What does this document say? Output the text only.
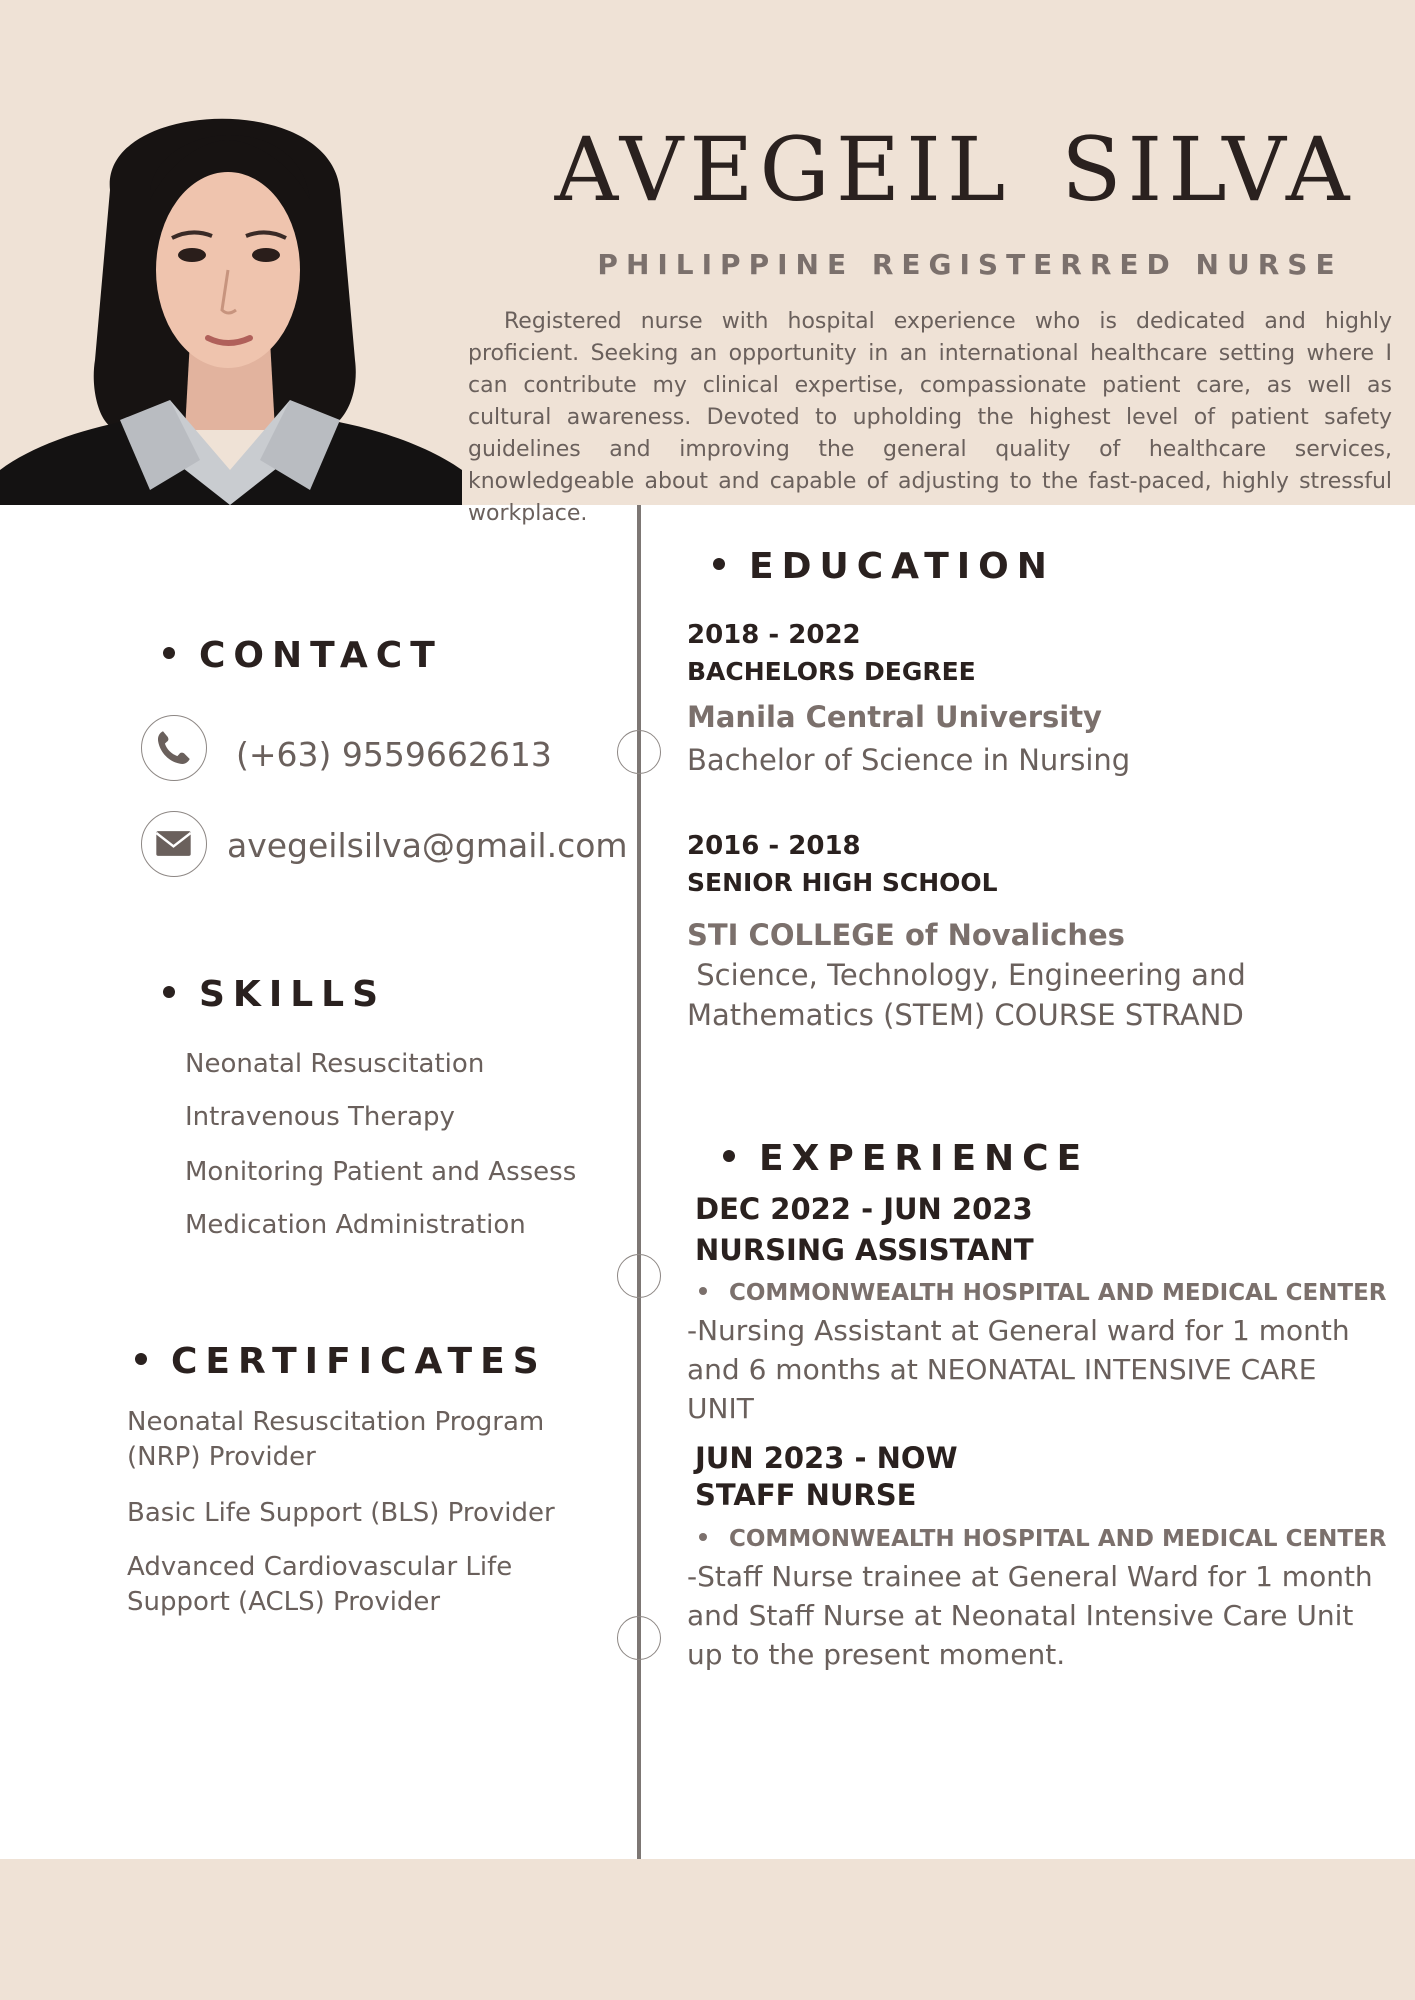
AVEGEIL SILVA
PHILIPPINE REGISTERRED NURSE
Registered nurse with hospital experience who is dedicated and highly proficient. Seeking an opportunity in an international healthcare setting where I can contribute my clinical expertise, compassionate patient care, as well as cultural awareness. Devoted to upholding the highest level of patient safety guidelines and improving the general quality of healthcare services, knowledgeable about and capable of adjusting to the fast-paced, highly stressful workplace.
CONTACT
(+63) 9559662613
avegeilsilva@gmail.com
SKILLS
Neonatal Resuscitation
Intravenous Therapy
Monitoring Patient and Assess
Medication Administration
CERTIFICATES
Neonatal Resuscitation Program (NRP) Provider
Basic Life Support (BLS) Provider
Advanced Cardiovascular Life Support (ACLS) Provider
EDUCATION
2018 - 2022
BACHELORS DEGREE
Manila Central University
Bachelor of Science in Nursing
2016 - 2018
SENIOR HIGH SCHOOL
STI COLLEGE of Novaliches
Science, Technology, Engineering and Mathematics (STEM) COURSE STRAND
EXPERIENCE
DEC 2022 - JUN 2023
NURSING ASSISTANT
COMMONWEALTH HOSPITAL AND MEDICAL CENTER
-Nursing Assistant at General ward for 1 month and 6 months at NEONATAL INTENSIVE CARE UNIT
JUN 2023 - NOW
STAFF NURSE
COMMONWEALTH HOSPITAL AND MEDICAL CENTER
-Staff Nurse trainee at General Ward for 1 month and Staff Nurse at Neonatal Intensive Care Unit up to the present moment.
